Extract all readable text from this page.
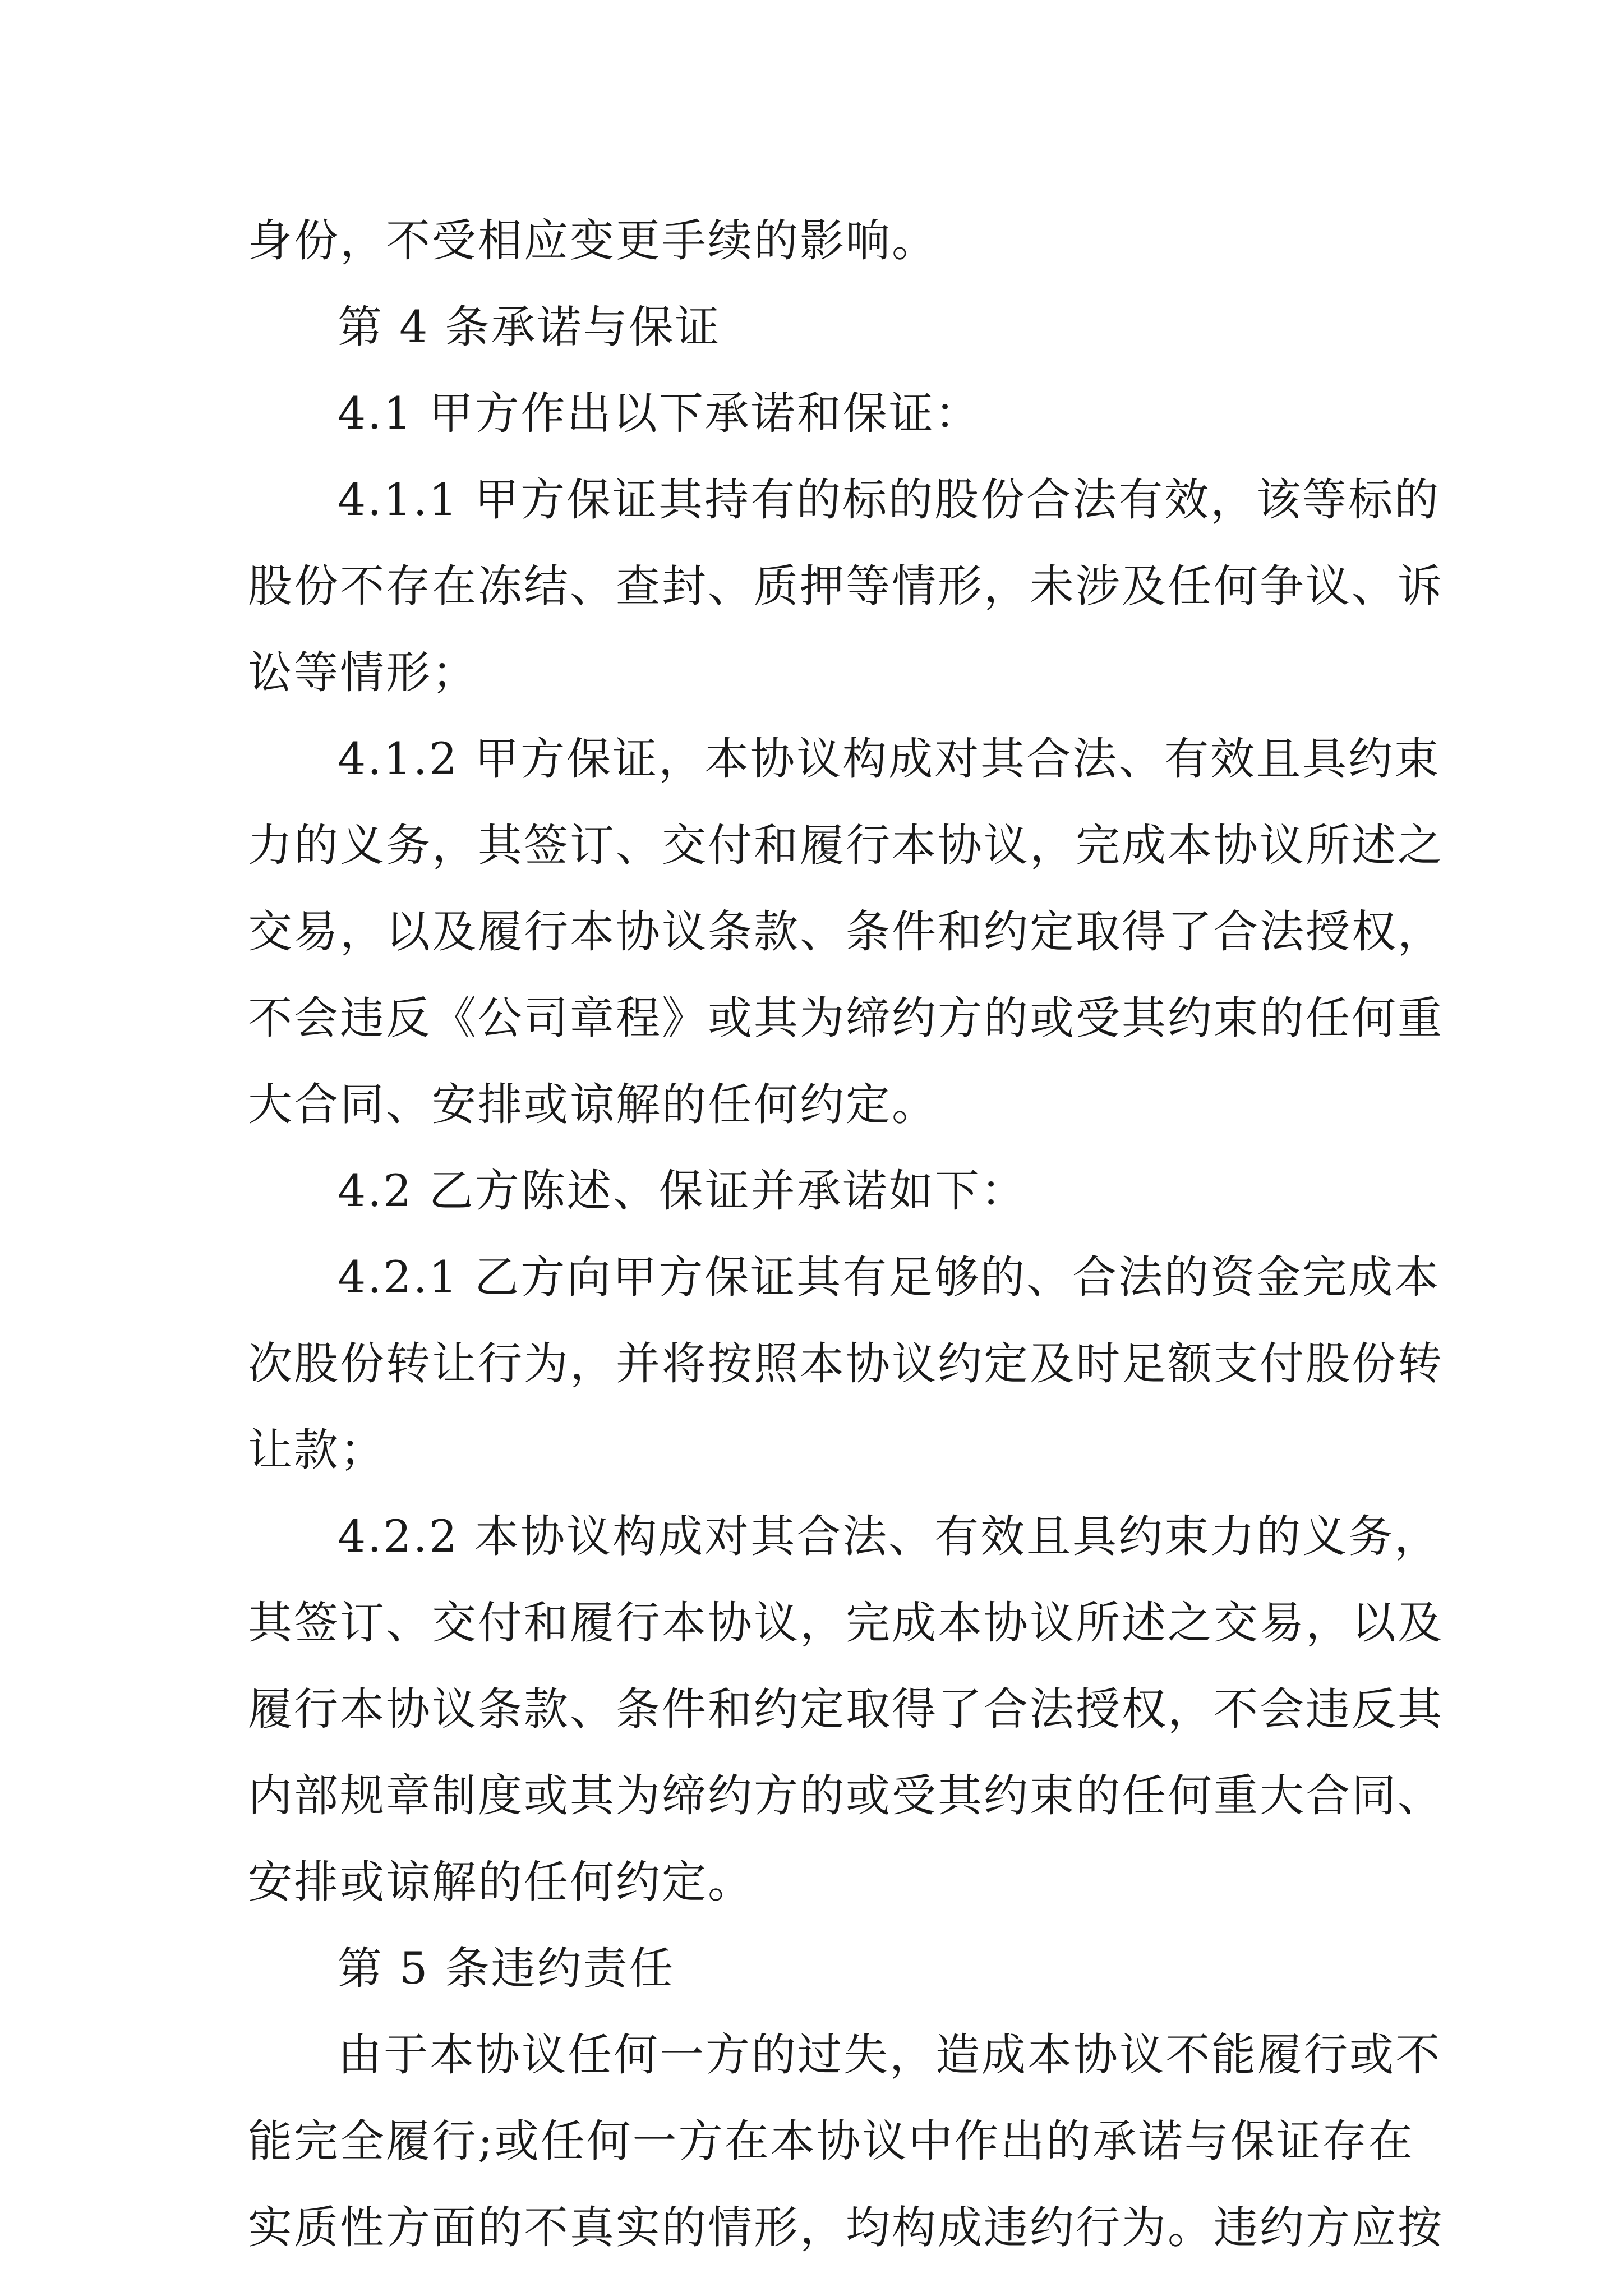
身份，不受相应变更手续的影响。
第 4 条承诺与保证
4.1 甲方作出以下承诺和保证：
4.1.1 甲方保证其持有的标的股份合法有效，该等标的
股份不存在冻结、查封、质押等情形，未涉及任何争议、诉
讼等情形；
4.1.2 甲方保证，本协议构成对其合法、有效且具约束
力的义务，其签订、交付和履行本协议，完成本协议所述之
交易，以及履行本协议条款、条件和约定取得了合法授权，
不会违反《公司章程》或其为缔约方的或受其约束的任何重
大合同、安排或谅解的任何约定。
4.2 乙方陈述、保证并承诺如下：
4.2.1 乙方向甲方保证其有足够的、合法的资金完成本
次股份转让行为，并将按照本协议约定及时足额支付股份转
让款；
4.2.2 本协议构成对其合法、有效且具约束力的义务，
其签订、交付和履行本协议，完成本协议所述之交易，以及
履行本协议条款、条件和约定取得了合法授权，不会违反其
内部规章制度或其为缔约方的或受其约束的任何重大合同、
安排或谅解的任何约定。
第 5 条违约责任
由于本协议任何一方的过失，造成本协议不能履行或不
能完全履行;或任何一方在本协议中作出的承诺与保证存在
实质性方面的不真实的情形，均构成违约行为。违约方应按
